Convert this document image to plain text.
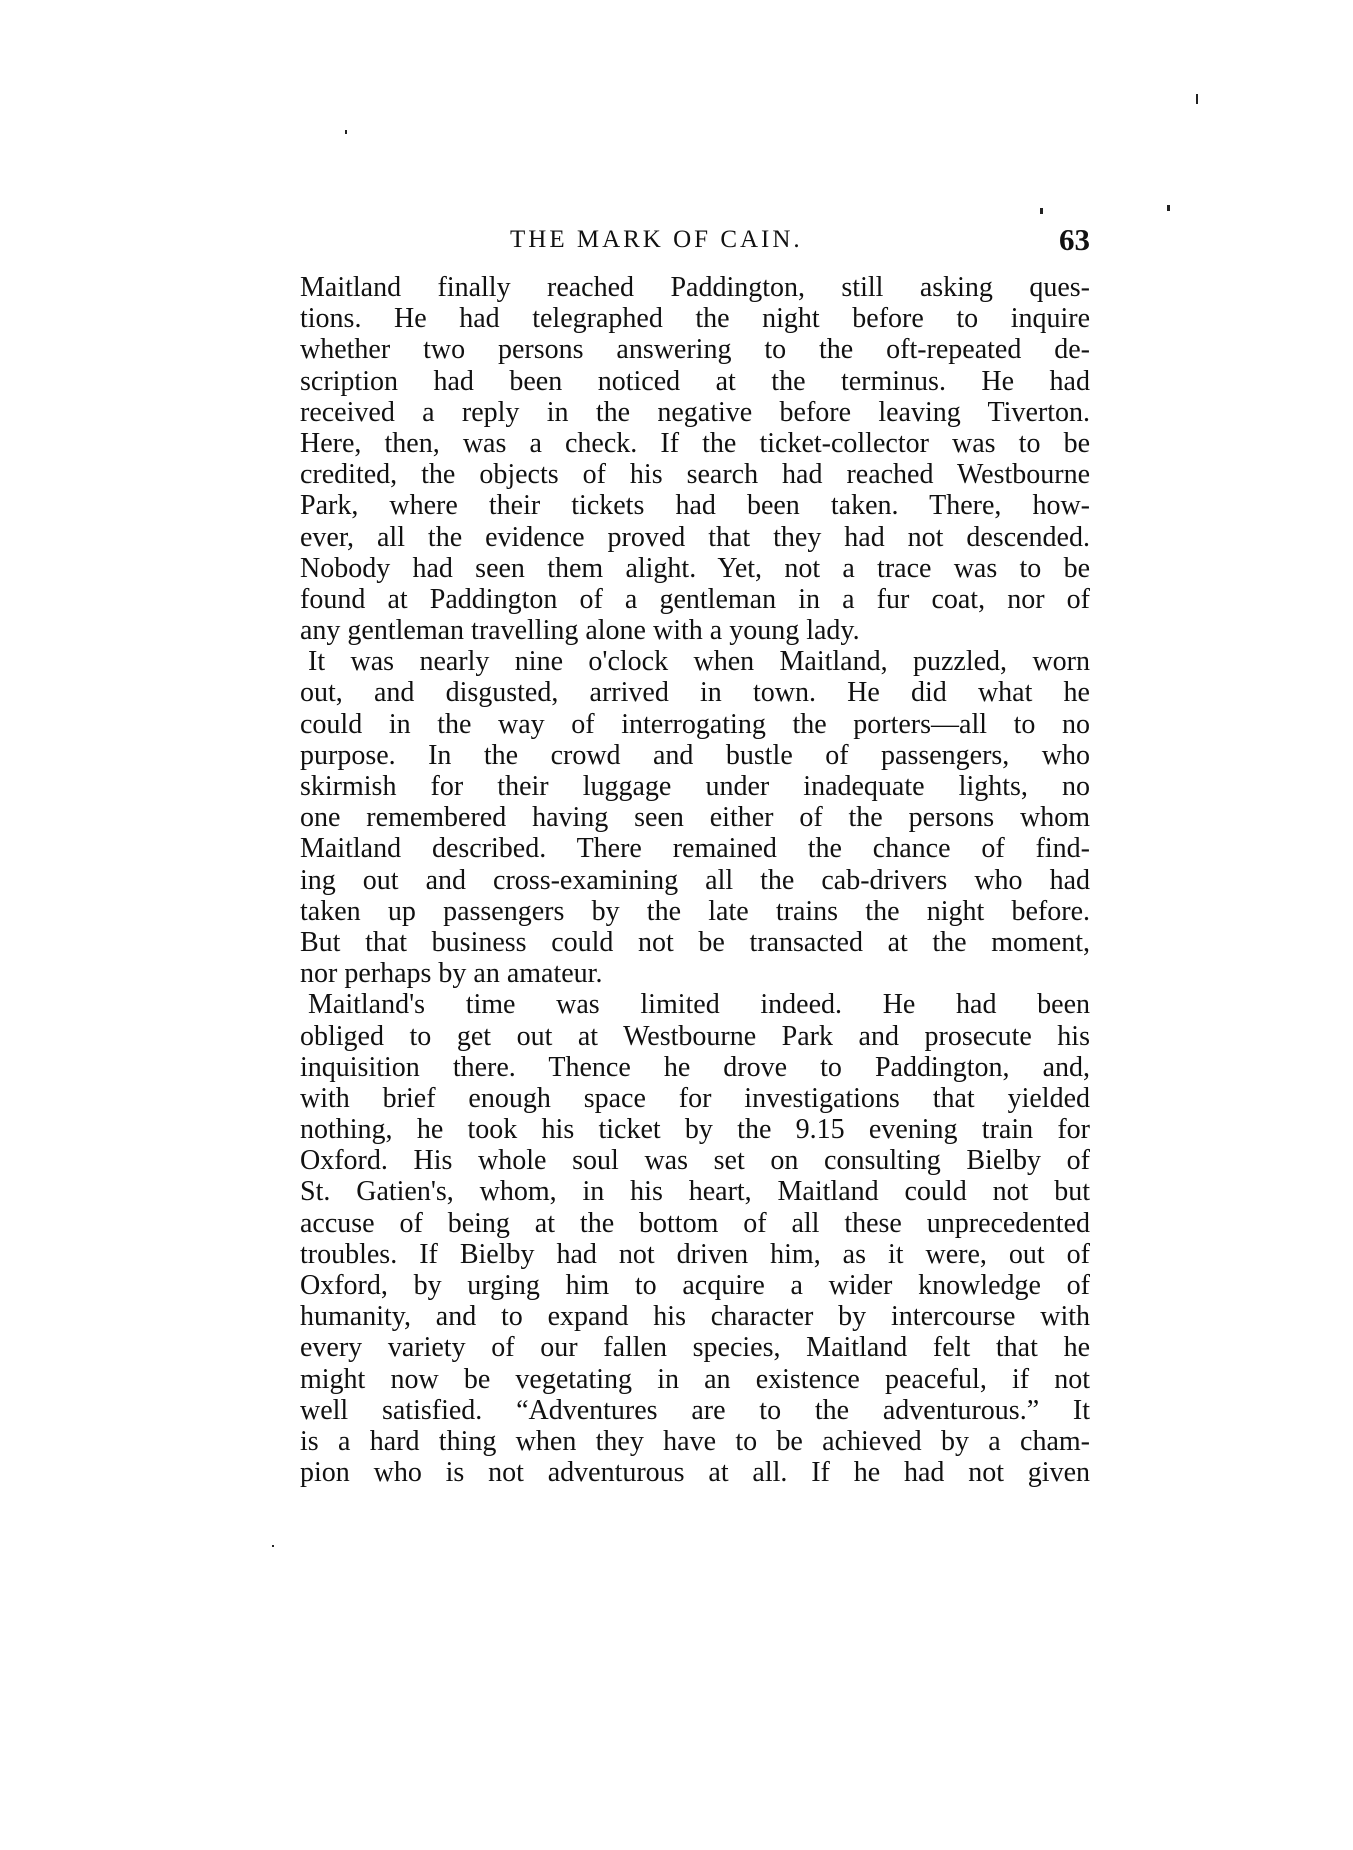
THE MARK OF CAIN.	63
Maitland finally reached Paddington, still asking ques-
tions. He had telegraphed the night before to inquire
whether two persons answering to the oft-repeated de-
scription had been noticed at the terminus. He had
received a reply in the negative before leaving Tiverton.
Here, then, was a check. If the ticket-collector was to be
credited, the objects of his search had reached Westbourne
Park, where their tickets had been taken. There, how-
ever, all the evidence proved that they had not descended.
Nobody had seen them alight. Yet, not a trace was to be
found at Paddington of a gentleman in a fur coat, nor of
any gentleman travelling alone with a young lady.
It was nearly nine o'clock when Maitland, puzzled, worn
out, and disgusted, arrived in town. He did what he
could in the way of interrogating the porters—all to no
purpose. In the crowd and bustle of passengers, who
skirmish for their luggage under inadequate lights, no
one remembered having seen either of the persons whom
Maitland described. There remained the chance of find-
ing out and cross-examining all the cab-drivers who had
taken up passengers by the late trains the night before.
But that business could not be transacted at the moment,
nor perhaps by an amateur.
Maitland's time was limited indeed. He had been
obliged to get out at Westbourne Park and prosecute his
inquisition there. Thence he drove to Paddington, and,
with brief enough space for investigations that yielded
nothing, he took his ticket by the 9.15 evening train for
Oxford. His whole soul was set on consulting Bielby of
St. Gatien's, whom, in his heart, Maitland could not but
accuse of being at the bottom of all these unprecedented
troubles. If Bielby had not driven him, as it were, out of
Oxford, by urging him to acquire a wider knowledge of
humanity, and to expand his character by intercourse with
every variety of our fallen species, Maitland felt that he
might now be vegetating in an existence peaceful, if not
well satisfied. “Adventures are to the adventurous.” It
is a hard thing when they have to be achieved by a cham-
pion who is not adventurous at all. If he had not given
